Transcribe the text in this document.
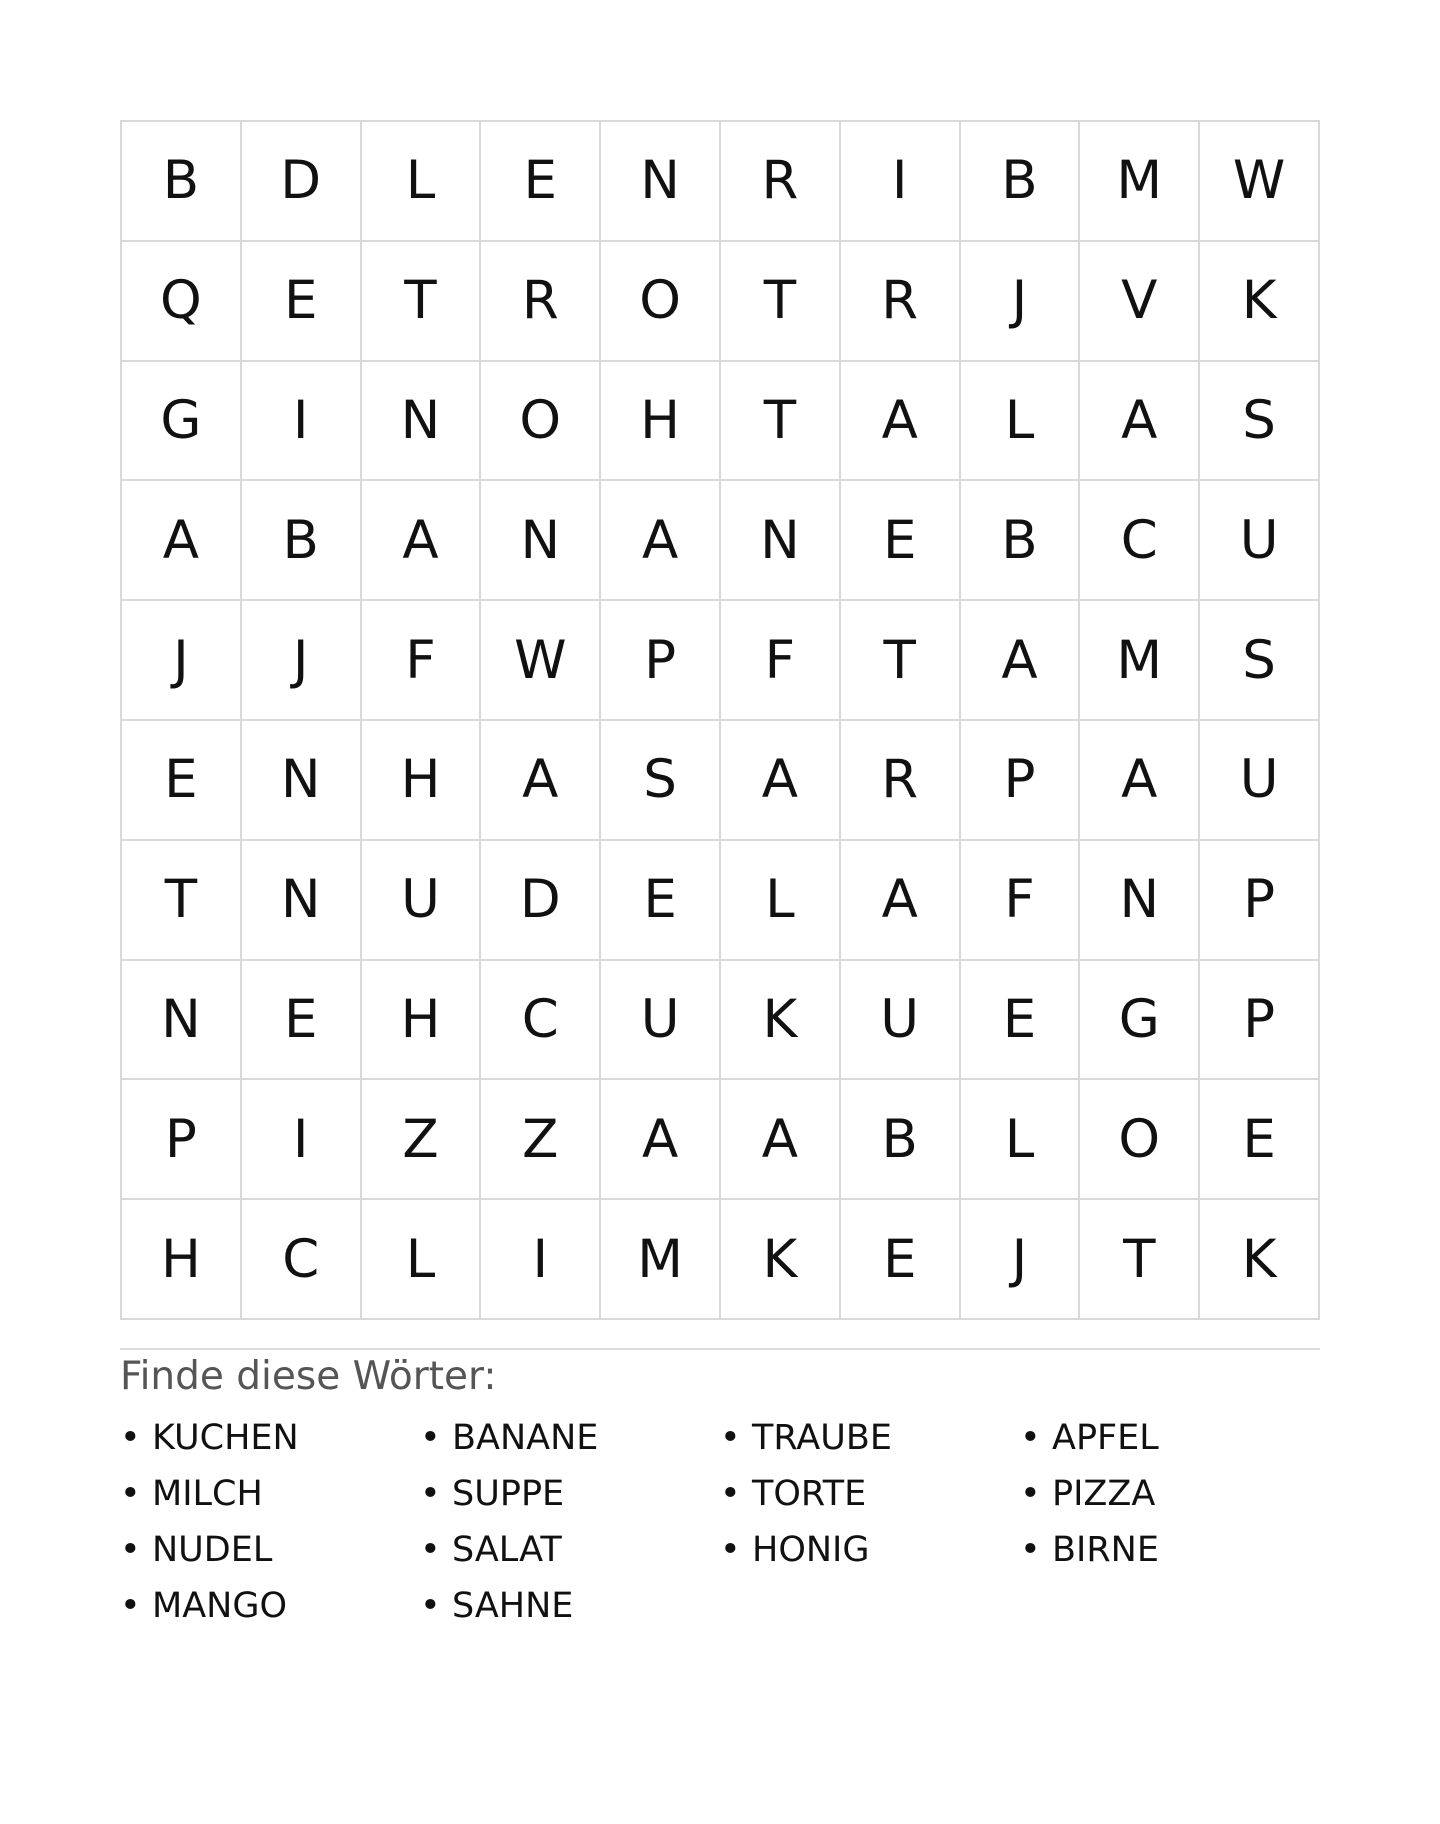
B	D	L	E	N	R	I	B	M	W
Q	E	T	R	O	T	R	J	V	K
G	I	N	O	H	T	A	L	A	S
A	B	A	N	A	N	E	B	C	U
J	J	F	W	P	F	T	A	M	S
E	N	H	A	S	A	R	P	A	U
T	N	U	D	E	L	A	F	N	P
N	E	H	C	U	K	U	E	G	P
P	I	Z	Z	A	A	B	L	O	E
H	C	L	I	M	K	E	J	T	K
Finde diese Wörter:
• KUCHEN	• BANANE	• TRAUBE	• APFEL
• MILCH	• SUPPE	• TORTE	• PIZZA
• NUDEL	• SALAT	• HONIG	• BIRNE
• MANGO	• SAHNE
